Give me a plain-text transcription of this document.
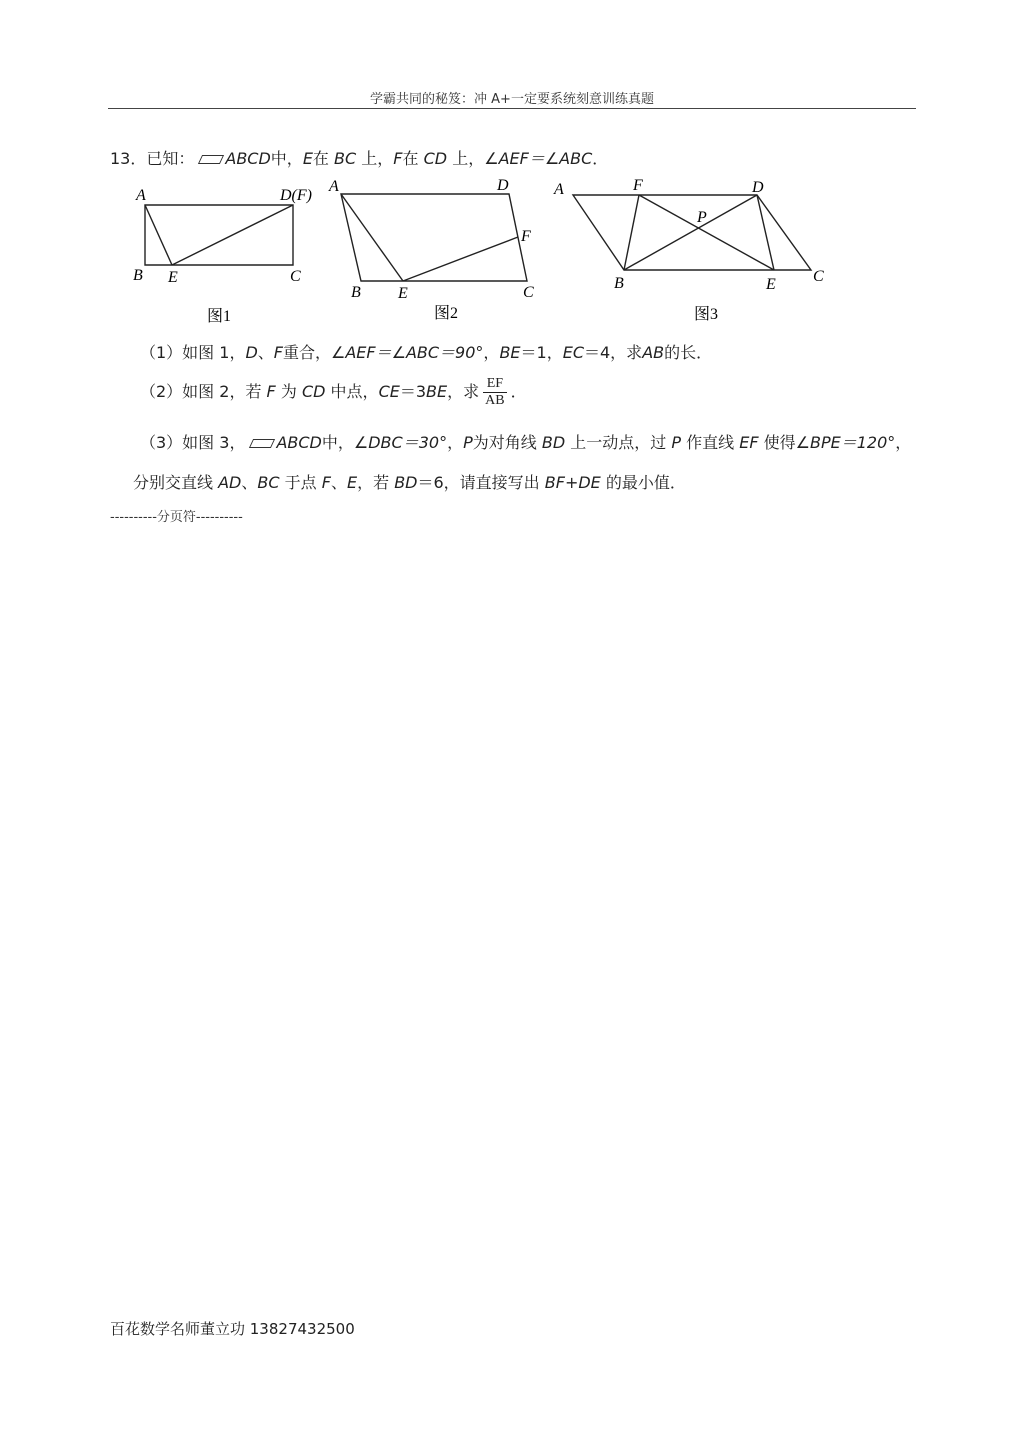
学霸共同的秘笈：冲 A+一定要系统刻意训练真题
13．已知： ABCD中，E在 BC 上，F在 CD 上，∠AEF＝∠ABC．
A	D(F)
B E	C
图1
A	D
F
B E	C
图2
A	F	D
P
B	E C
图3
（1）如图 1，D、F重合，∠AEF＝∠ABC＝90°，BE＝1，EC＝4，求AB的长．
（2）如图 2，若 F 为 CD 中点，CE＝3BE，求 $\frac{EF}{AB}$ ．
（3）如图 3， ABCD中，∠DBC＝30°，P为对角线 BD 上一动点，过 P 作直线 EF 使得∠BPE＝120°，
分别交直线 AD、BC 于点 F、E，若 BD＝6，请直接写出 BF+DE 的最小值．
----------分页符----------
百花数学名师董立功 13827432500
